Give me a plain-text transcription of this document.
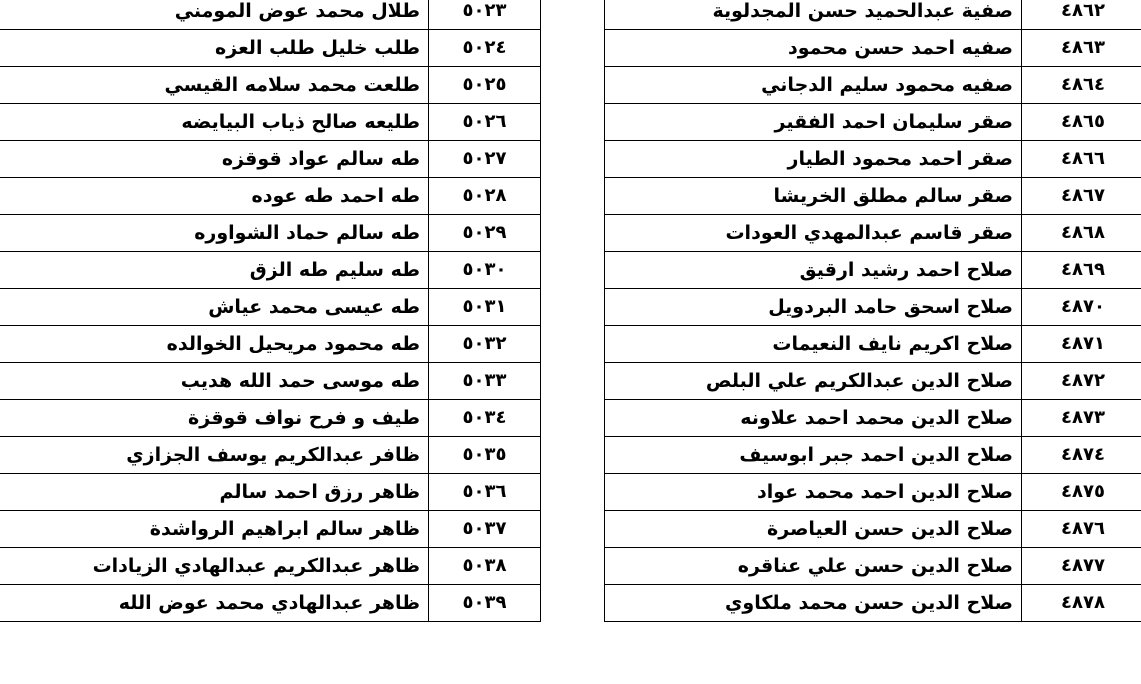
٥٠٢٣	طلال محمد عوض المومني
٥٠٢٤	طلب خليل طلب العزه
٥٠٢٥	طلعت محمد سلامه القيسي
٥٠٢٦	طليعه صالح ذياب البيايضه
٥٠٢٧	طه سالم عواد قوقزه
٥٠٢٨	طه احمد طه عوده
٥٠٢٩	طه سالم حماد الشواوره
٥٠٣٠	طه سليم طه الزق
٥٠٣١	طه عيسى محمد عياش
٥٠٣٢	طه محمود مريحيل الخوالده
٥٠٣٣	طه موسى حمد الله هديب
٥٠٣٤	طيف و فرح نواف قوقزة
٥٠٣٥	ظافر عبدالكريم يوسف الجزازي
٥٠٣٦	ظاهر رزق احمد سالم
٥٠٣٧	ظاهر سالم ابراهيم الرواشدة
٥٠٣٨	ظاهر عبدالكريم عبدالهادي الزيادات
٥٠٣٩	ظاهر عبدالهادي محمد عوض الله
٤٨٦٢	صفية عبدالحميد حسن المجدلوية
٤٨٦٣	صفيه احمد حسن محمود
٤٨٦٤	صفيه محمود سليم الدجاني
٤٨٦٥	صقر سليمان احمد الفقير
٤٨٦٦	صقر احمد محمود الطيار
٤٨٦٧	صقر سالم مطلق الخريشا
٤٨٦٨	صقر قاسم عبدالمهدي العودات
٤٨٦٩	صلاح احمد رشيد ارقيق
٤٨٧٠	صلاح اسحق حامد البردويل
٤٨٧١	صلاح اكريم نايف النعيمات
٤٨٧٢	صلاح الدين عبدالكريم علي البلص
٤٨٧٣	صلاح الدين محمد احمد علاونه
٤٨٧٤	صلاح الدين احمد جبر ابوسيف
٤٨٧٥	صلاح الدين احمد محمد عواد
٤٨٧٦	صلاح الدين حسن العياصرة
٤٨٧٧	صلاح الدين حسن علي عناقره
٤٨٧٨	صلاح الدين حسن محمد ملكاوي
